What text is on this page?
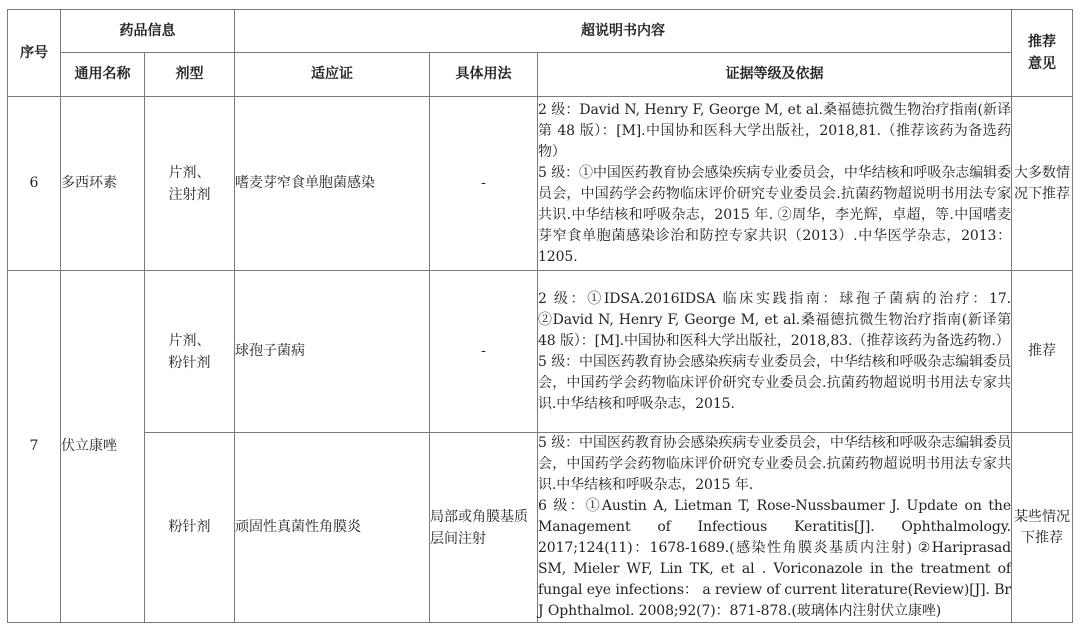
序号	药品信息		超说明书内容			推荐意见
	通用名称	剂型	适应证	具体用法	证据等级及依据	
6	多西环素	片剂、注射剂	嗜麦芽窄食单胞菌感染	-	2 级：David N, Henry F, George M, et al.桑福德抗微生物治疗指南(新译第 48 版）：[M].中国协和医科大学出版社，2018,81.（推荐该药为备选药物）

5 级：①中国医药教育协会感染疾病专业委员会，中华结核和呼吸杂志编辑委员会，中国药学会药物临床评价研究专业委员会.抗菌药物超说明书用法专家共识.中华结核和呼吸杂志，2015 年. ②周华，李光辉，卓超，等.中国嗜麦芽窄食单胞菌感染诊治和防控专家共识（2013）.中华医学杂志，2013：1205.	大多数情况下推荐
7	伏立康唑	片剂、粉针剂	球孢子菌病	-	2 级：①IDSA.2016IDSA 临床实践指南：球孢子菌病的治疗：17. ②David N, Henry F, George M, et al.桑福德抗微生物治疗指南(新译第 48 版）：[M].中国协和医科大学出版社，2018,83.（推荐该药为备选药物.）

5 级：中国医药教育协会感染疾病专业委员会，中华结核和呼吸杂志编辑委员会，中国药学会药物临床评价研究专业委员会.抗菌药物超说明书用法专家共识.中华结核和呼吸杂志，2015.	推荐
		粉针剂	顽固性真菌性角膜炎	局部或角膜基质层间注射	5 级：中国医药教育协会感染疾病专业委员会，中华结核和呼吸杂志编辑委员会，中国药学会药物临床评价研究专业委员会.抗菌药物超说明书用法专家共识.中华结核和呼吸杂志，2015 年.

6 级：①Austin A, Lietman T, Rose-Nussbaumer J. Update on the Management of Infectious Keratitis[J]. Ophthalmology. 2017;124(11)：1678-1689.(感染性角膜炎基质内注射) ②Hariprasad SM, Mieler WF, Lin TK, et al . Voriconazole in the treatment of fungal eye infections： a review of current literature(Review)[J]. Br J Ophthalmol. 2008;92(7)：871-878.(玻璃体内注射伏立康唑)	某些情况下推荐
